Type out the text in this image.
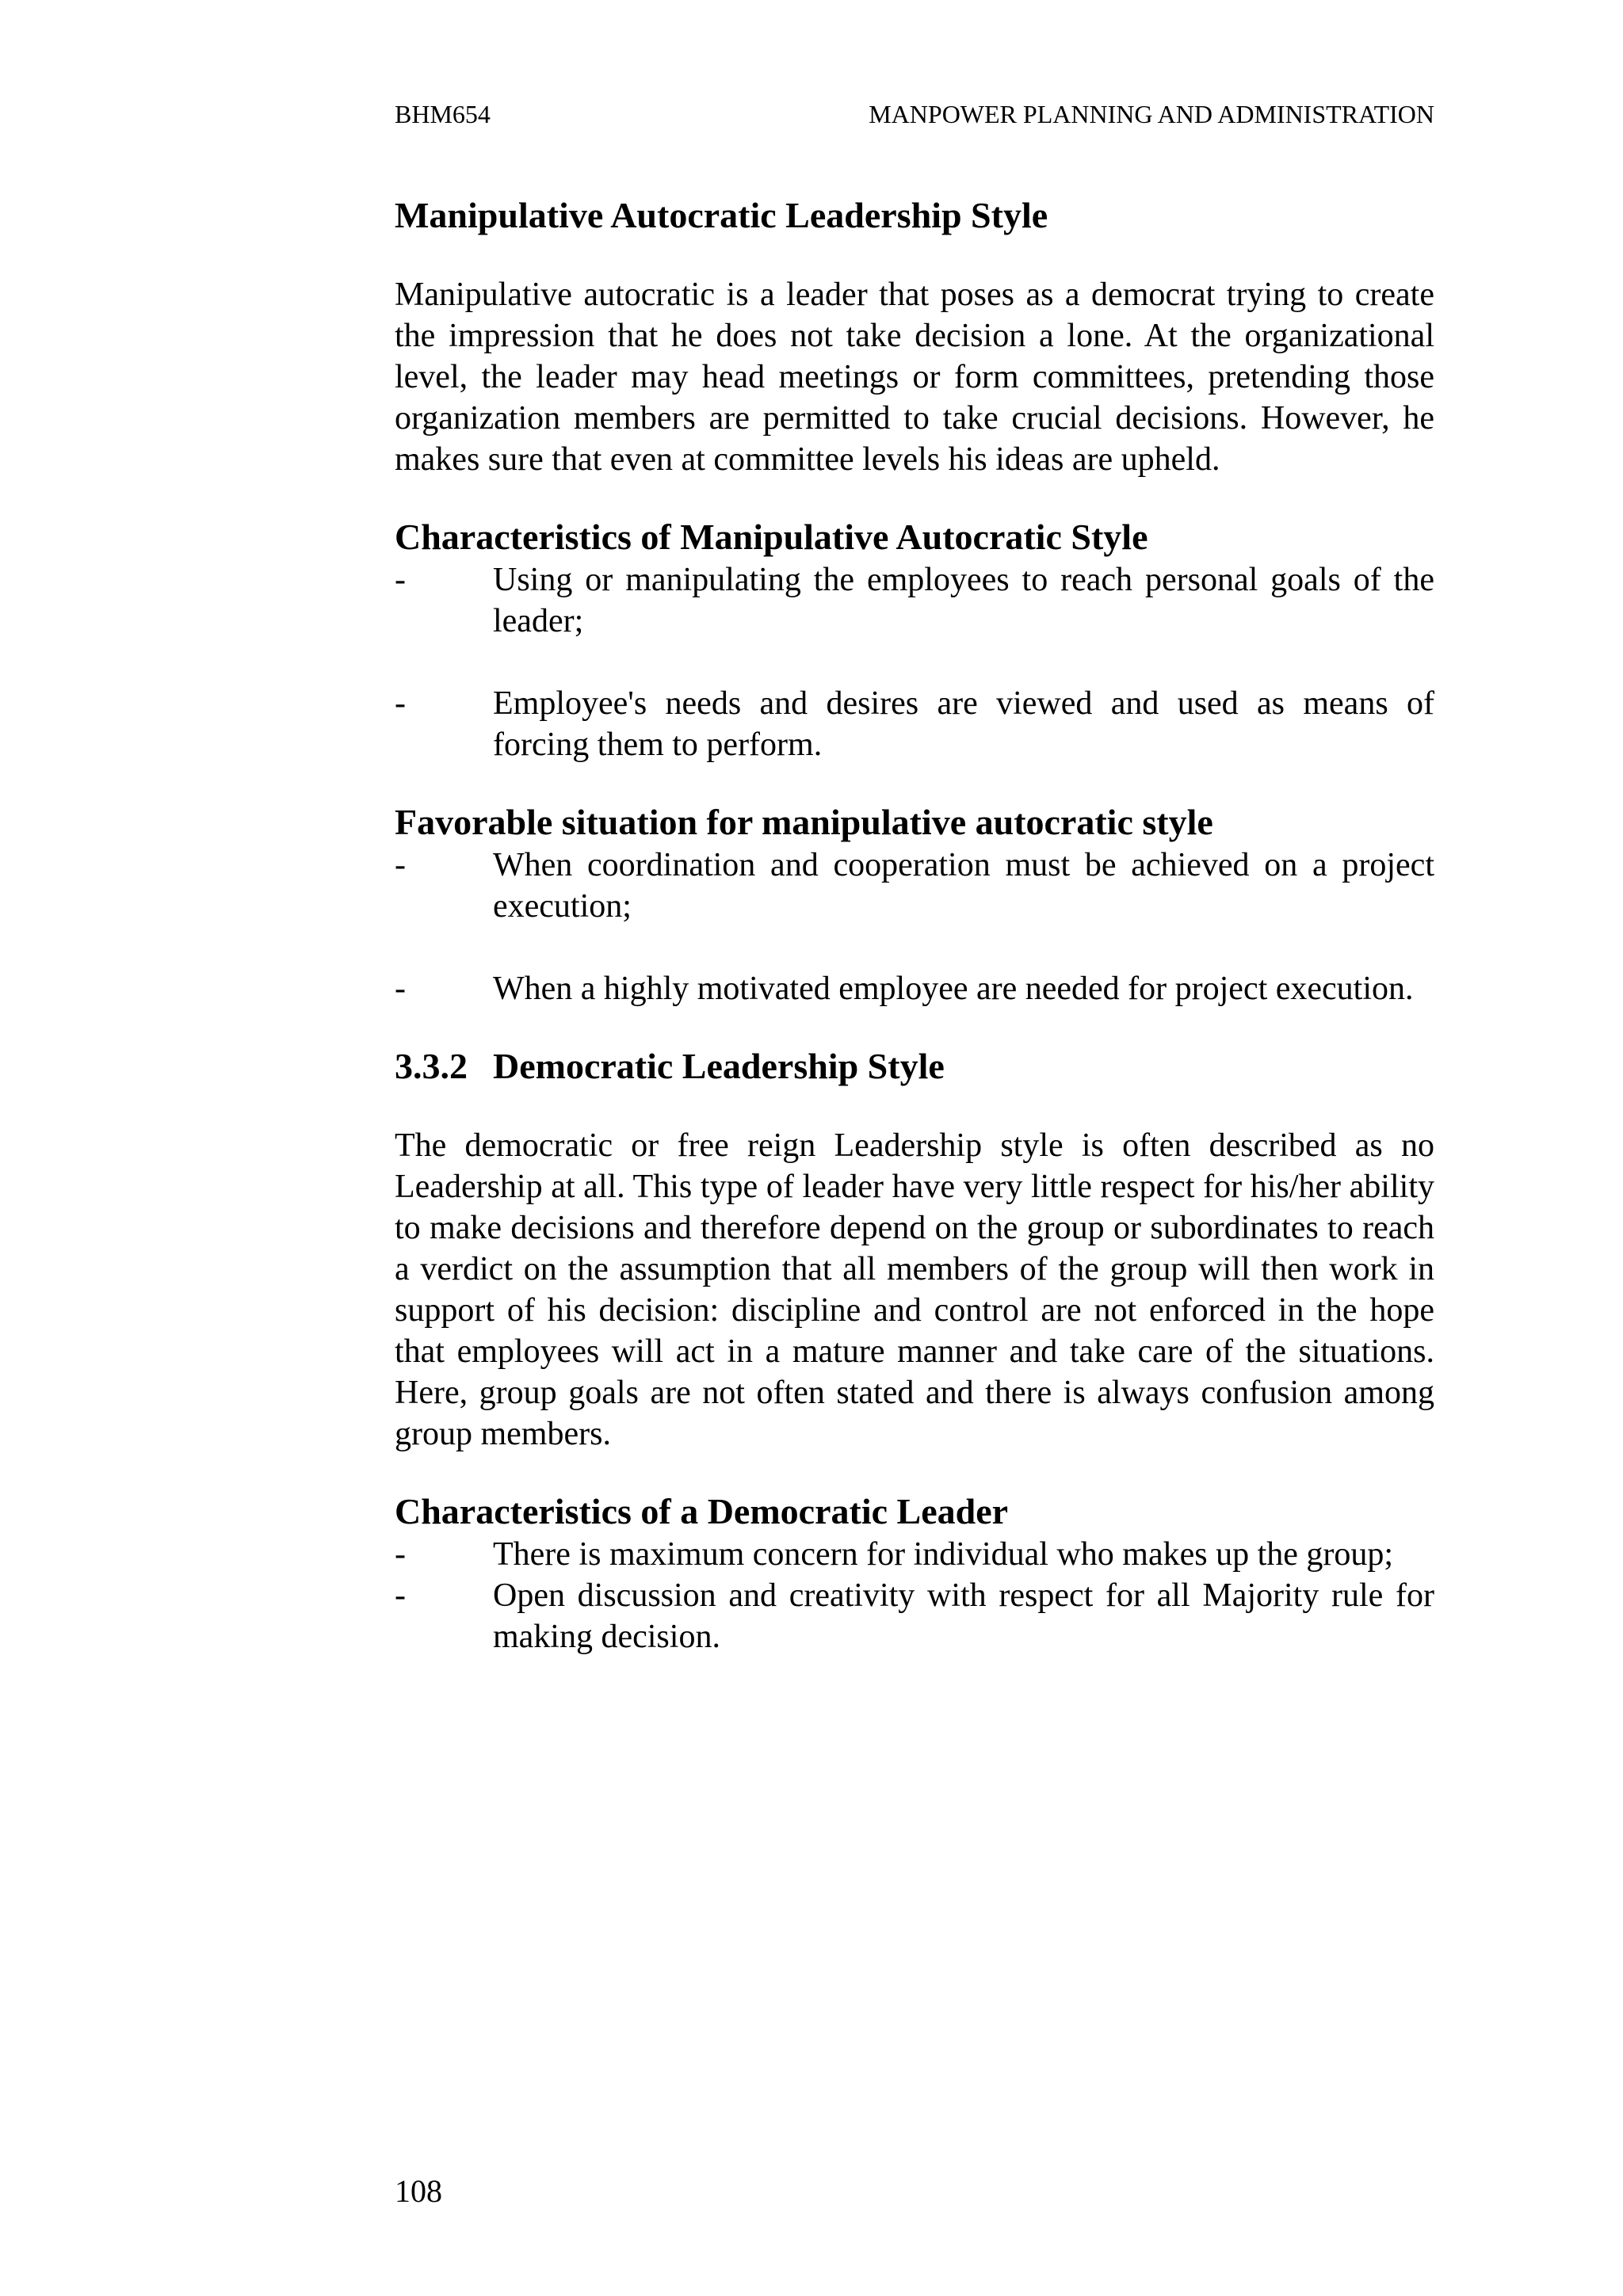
BHM654	MANPOWER PLANNING AND ADMINISTRATION
Manipulative Autocratic Leadership Style

Manipulative autocratic is a leader that poses as a democrat trying to create the impression that he does not take decision a lone. At the organizational level, the leader may head meetings or form committees, pretending those organization members are permitted to take crucial decisions. However, he makes sure that even at committee levels his ideas are upheld.

Characteristics of Manipulative Autocratic Style
-	Using or manipulating the employees to reach personal goals of the leader;
-	Employee's needs and desires are viewed and used as means of forcing them to perform.
Favorable situation for manipulative autocratic style
-	When coordination and cooperation must be achieved on a project execution;
-	When a highly motivated employee are needed for project execution.
3.3.2 Democratic Leadership Style

The democratic or free reign Leadership style is often described as no Leadership at all. This type of leader have very little respect for his/her ability to make decisions and therefore depend on the group or subordinates to reach a verdict on the assumption that all members of the group will then work in support of his decision: discipline and control are not enforced in the hope that employees will act in a mature manner and take care of the situations. Here, group goals are not often stated and there is always confusion among group members.

Characteristics of a Democratic Leader
-	There is maximum concern for individual who makes up the group;
-	Open discussion and creativity with respect for all Majority rule for making decision.
108
